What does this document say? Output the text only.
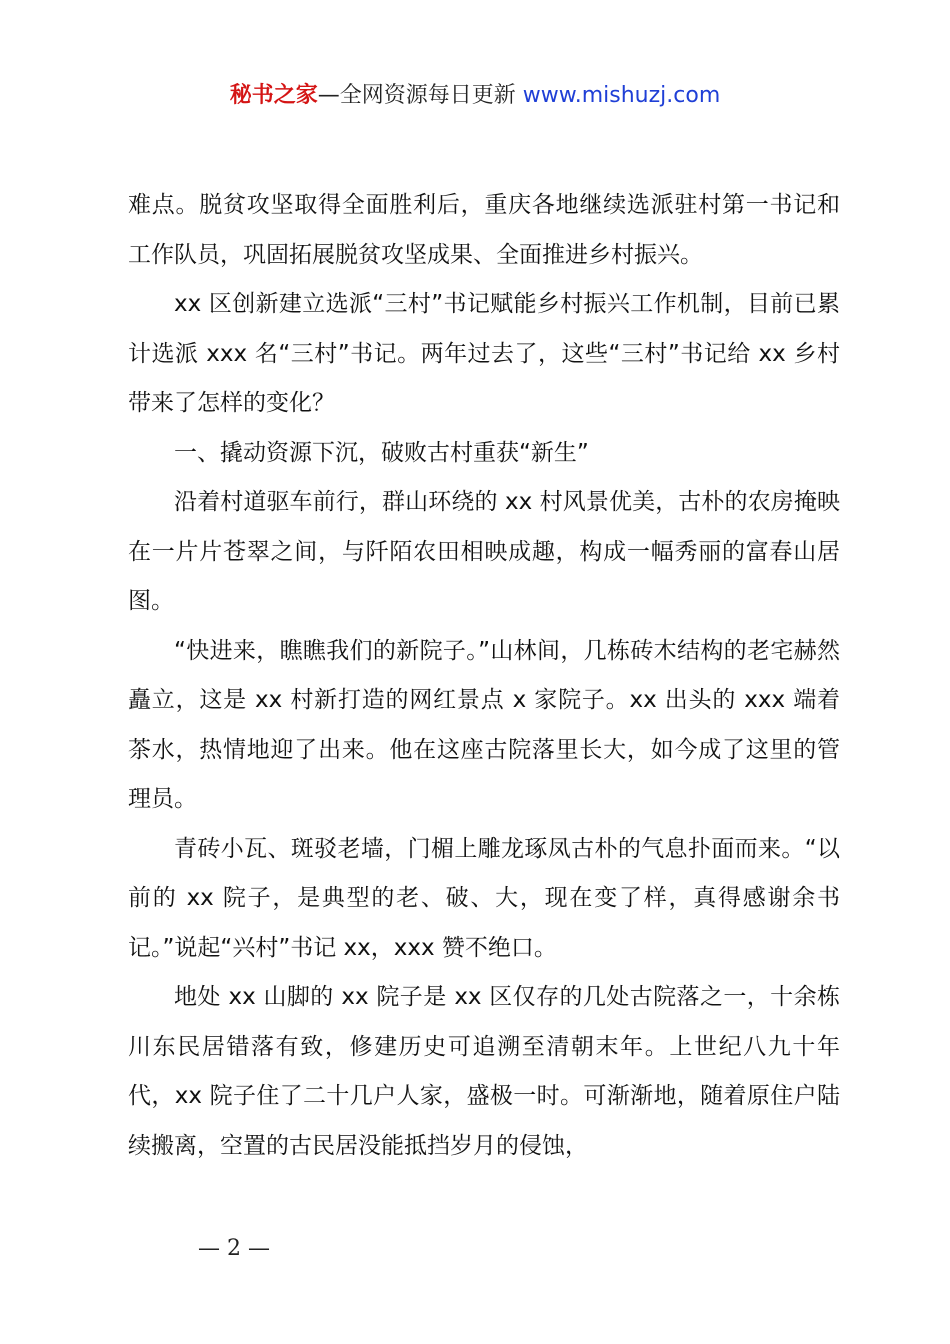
秘书之家—全网资源每日更新 www.mishuzj.com

难点。脱贫攻坚取得全面胜利后，重庆各地继续选派驻村第一书记和工作队员，巩固拓展脱贫攻坚成果、全面推进乡村振兴。

xx 区创新建立选派“三村”书记赋能乡村振兴工作机制，目前已累计选派 xxx 名“三村”书记。两年过去了，这些“三村”书记给 xx 乡村带来了怎样的变化？

一、撬动资源下沉，破败古村重获“新生”

沿着村道驱车前行，群山环绕的 xx 村风景优美，古朴的农房掩映在一片片苍翠之间，与阡陌农田相映成趣，构成一幅秀丽的富春山居图。

“快进来，瞧瞧我们的新院子。”山林间，几栋砖木结构的老宅赫然矗立，这是 xx 村新打造的网红景点 x 家院子。xx 出头的 xxx 端着茶水，热情地迎了出来。他在这座古院落里长大，如今成了这里的管理员。

青砖小瓦、斑驳老墙，门楣上雕龙琢凤古朴的气息扑面而来。“以前的 xx 院子，是典型的老、破、大，现在变了样，真得感谢余书记。”说起“兴村”书记 xx，xxx 赞不绝口。

地处 xx 山脚的 xx 院子是 xx 区仅存的几处古院落之一，十余栋川东民居错落有致，修建历史可追溯至清朝末年。上世纪八九十年代，xx 院子住了二十几户人家，盛极一时。可渐渐地，随着原住户陆续搬离，空置的古民居没能抵挡岁月的侵蚀，

— 2 —
